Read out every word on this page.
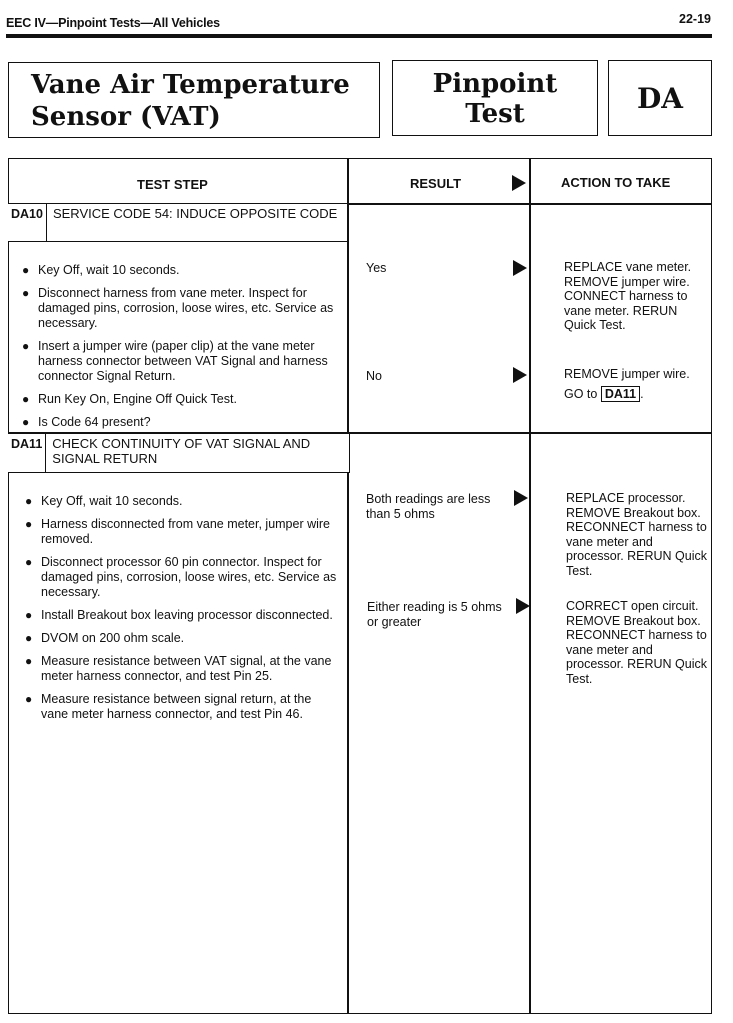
EEC IV—Pinpoint Tests—All Vehicles	22-19
Vane Air Temperature
Sensor (VAT)
Pinpoint
Test	DA
TEST STEP	RESULT	ACTION TO TAKE
DA10 SERVICE CODE 54: INDUCE OPPOSITE CODE
● Key Off, wait 10 seconds.
● Disconnect harness from vane meter. Inspect for damaged pins, corrosion, loose wires, etc. Service as necessary.
● Insert a jumper wire (paper clip) at the vane meter harness connector between VAT Signal and harness connector Signal Return.
● Run Key On, Engine Off Quick Test.
● Is Code 64 present?
Yes	REPLACE vane meter. REMOVE jumper wire. CONNECT harness to vane meter. RERUN Quick Test.
No	REMOVE jumper wire.
GO to DA11 .
DA11 CHECK CONTINUITY OF VAT SIGNAL AND SIGNAL RETURN
● Key Off, wait 10 seconds.
● Harness disconnected from vane meter, jumper wire removed.
● Disconnect processor 60 pin connector. Inspect for damaged pins, corrosion, loose wires, etc. Service as necessary.
● Install Breakout box leaving processor disconnected.
● DVOM on 200 ohm scale.
● Measure resistance between VAT signal, at the vane meter harness connector, and test Pin 25.
● Measure resistance between signal return, at the vane meter harness connector, and test Pin 46.
Both readings are less than 5 ohms
REPLACE processor. REMOVE Breakout box. RECONNECT harness to vane meter and processor. RERUN Quick Test.
Either reading is 5 ohms or greater
CORRECT open circuit. REMOVE Breakout box. RECONNECT harness to vane meter and processor. RERUN Quick Test.
